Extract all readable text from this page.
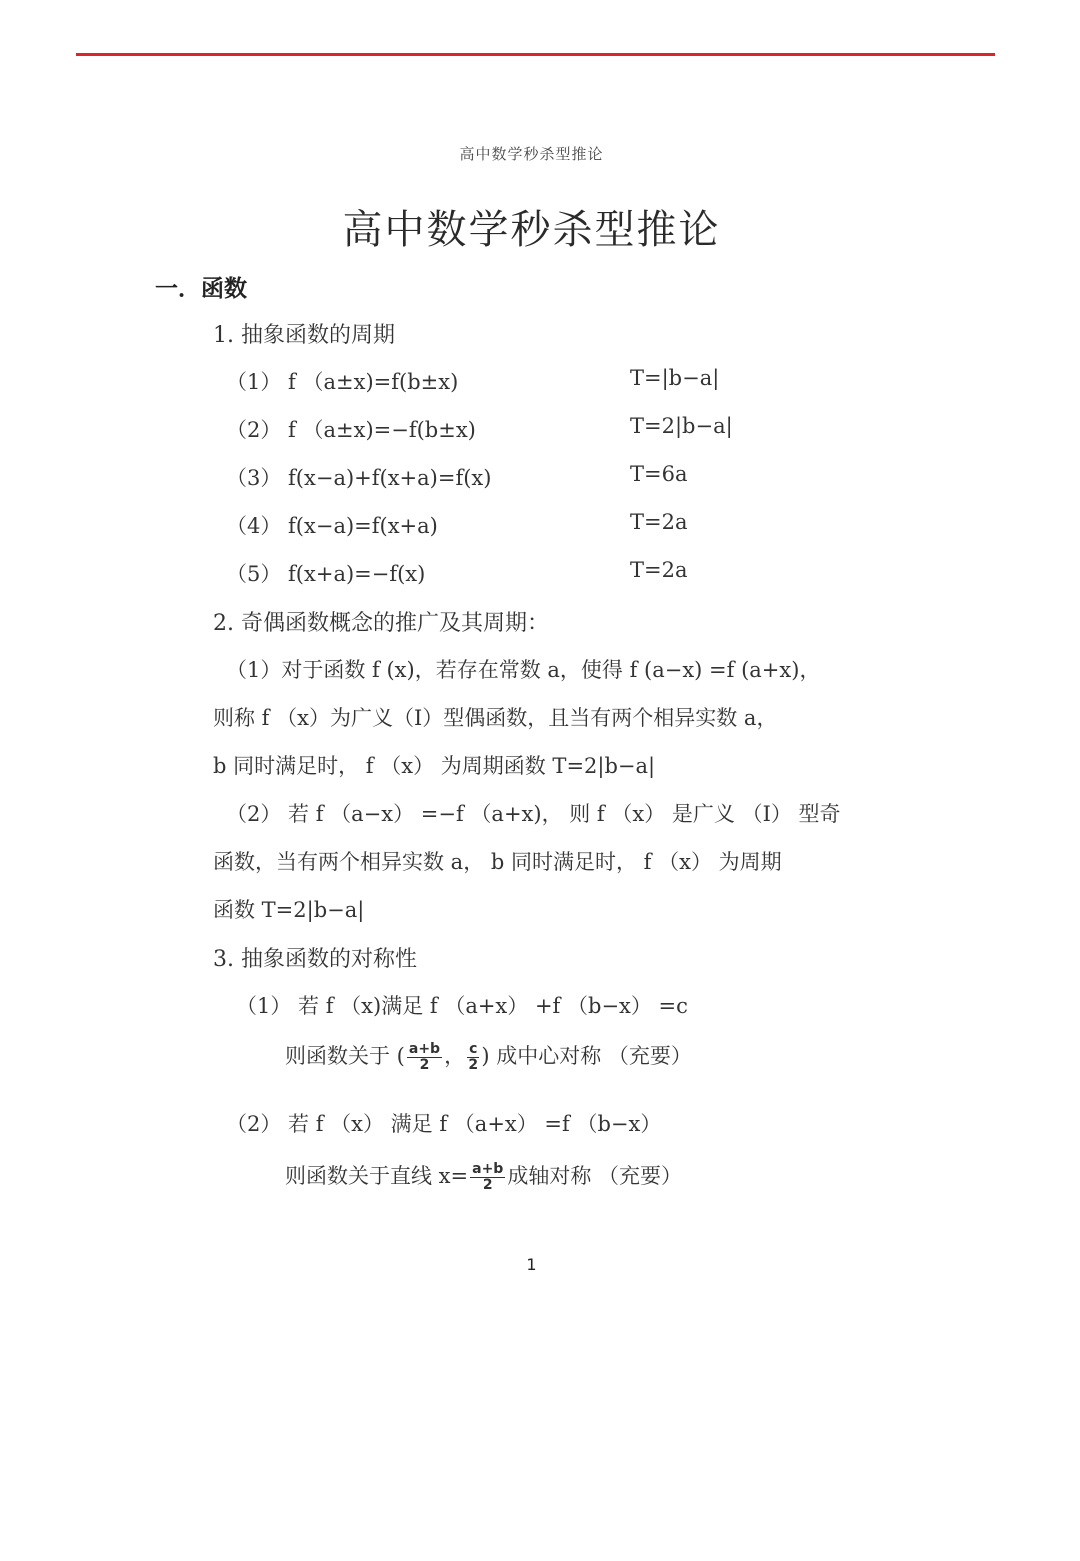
高中数学秒杀型推论
高中数学秒杀型推论
一．函数
1. 抽象函数的周期
（1） f （a±x)=f(b±x)	T=|b−a|
（2） f （a±x)=−f(b±x)	T=2|b−a|
（3） f(x−a)+f(x+a)=f(x)	T=6a
（4） f(x−a)=f(x+a)	T=2a
（5） f(x+a)=−f(x)	T=2a
2. 奇偶函数概念的推广及其周期：
（1）对于函数 f (x)，若存在常数 a，使得 f (a−x) =f (a+x)，
则称 f （x）为广义（Ⅰ）型偶函数，且当有两个相异实数 a，
b 同时满足时， f （x） 为周期函数 T=2|b−a|
（2） 若 f （a−x） =−f （a+x)， 则 f （x） 是广义 （Ⅰ） 型奇
函数，当有两个相异实数 a， b 同时满足时， f （x） 为周期
函数 T=2|b−a|
3. 抽象函数的对称性
（1） 若 f （x)满足 f （a+x） +f （b−x） =c
则函数关于 ( $\frac{a+b}{2}$ ， $\frac{c}{2}$ ) 成中心对称 （充要）
（2） 若 f （x） 满足 f （a+x） =f （b−x）
则函数关于直线 $x= \frac{a+b}{2}$ 成轴对称 （充要）
1
